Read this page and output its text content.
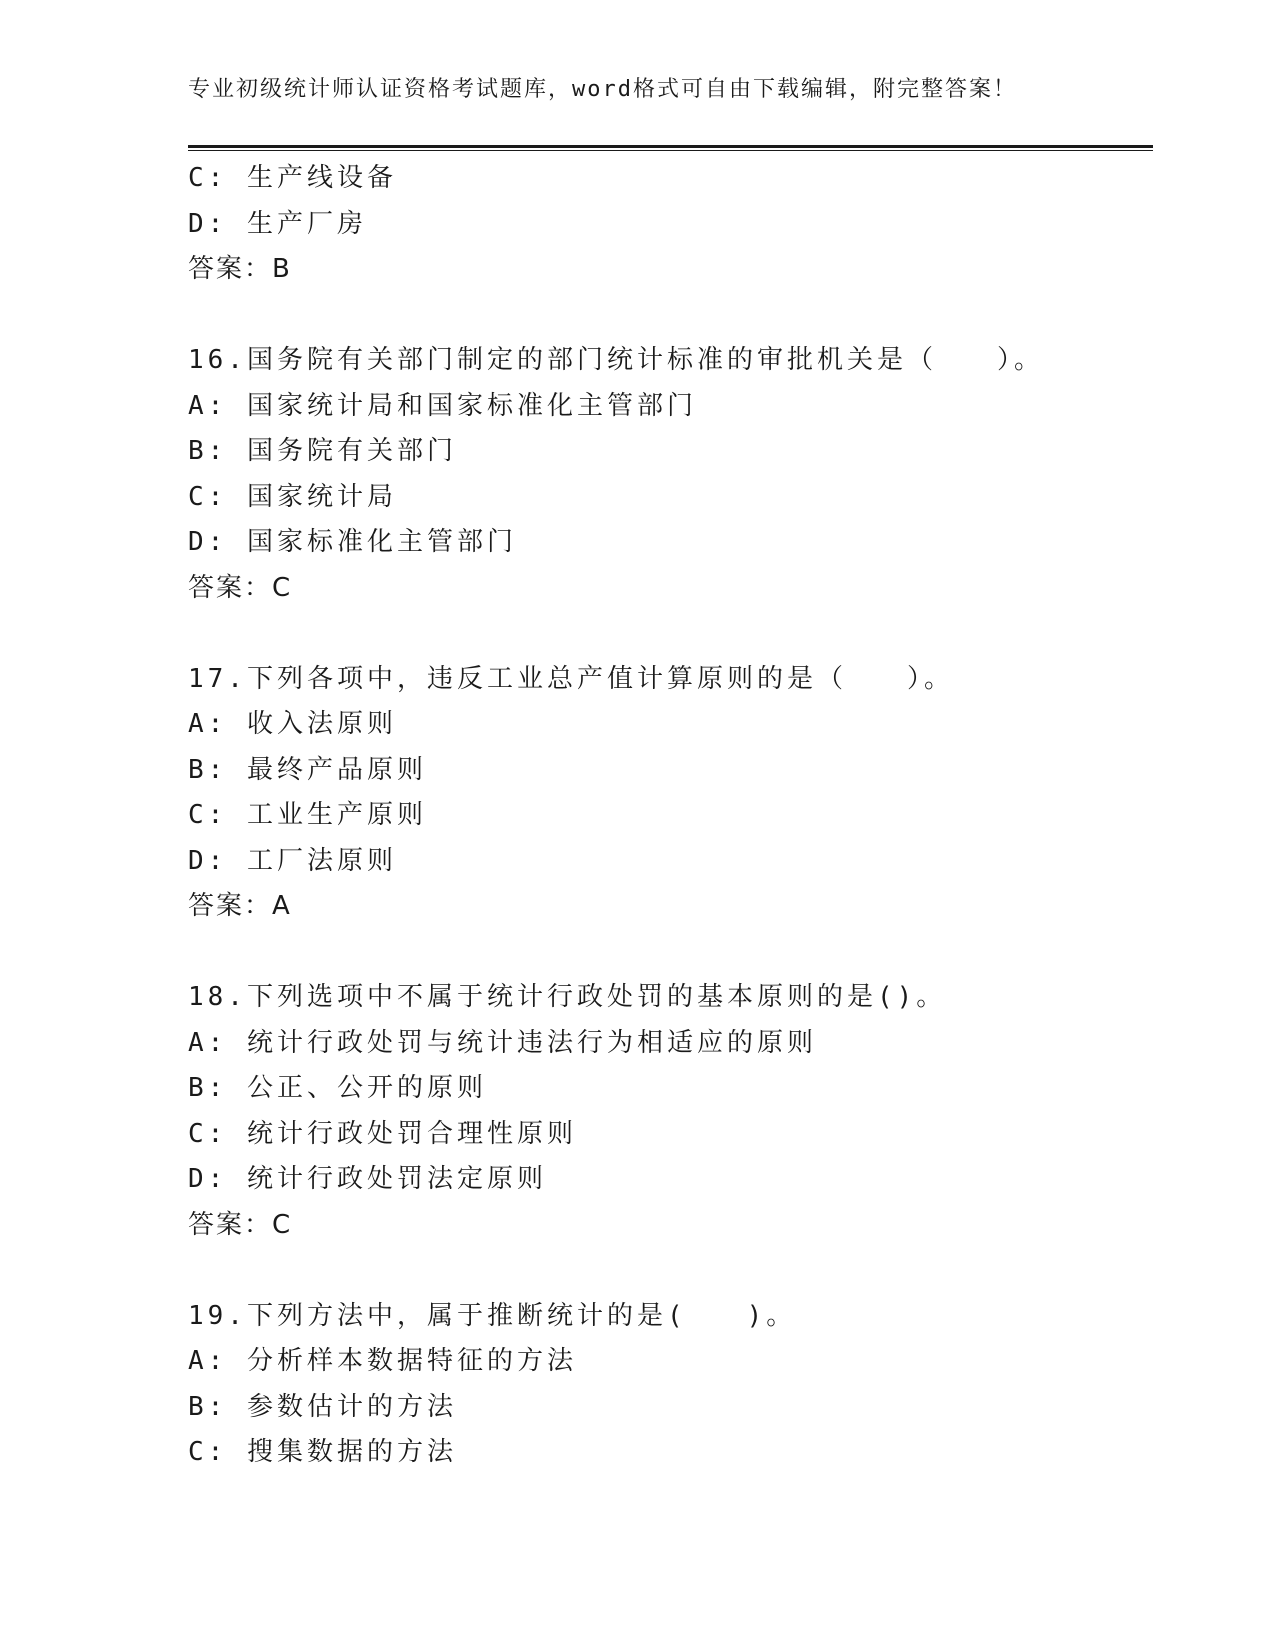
专业初级统计师认证资格考试题库，word格式可自由下载编辑，附完整答案！
C: 生产线设备
D: 生产厂房
答案：B
16.国务院有关部门制定的部门统计标准的审批机关是（　　）。
A: 国家统计局和国家标准化主管部门
B: 国务院有关部门
C: 国家统计局
D: 国家标准化主管部门
答案：C
17.下列各项中，违反工业总产值计算原则的是（　　）。
A: 收入法原则
B: 最终产品原则
C: 工业生产原则
D: 工厂法原则
答案：A
18.下列选项中不属于统计行政处罚的基本原则的是()。
A: 统计行政处罚与统计违法行为相适应的原则
B: 公正、公开的原则
C: 统计行政处罚合理性原则
D: 统计行政处罚法定原则
答案：C
19.下列方法中，属于推断统计的是(　　)。
A: 分析样本数据特征的方法
B: 参数估计的方法
C: 搜集数据的方法
